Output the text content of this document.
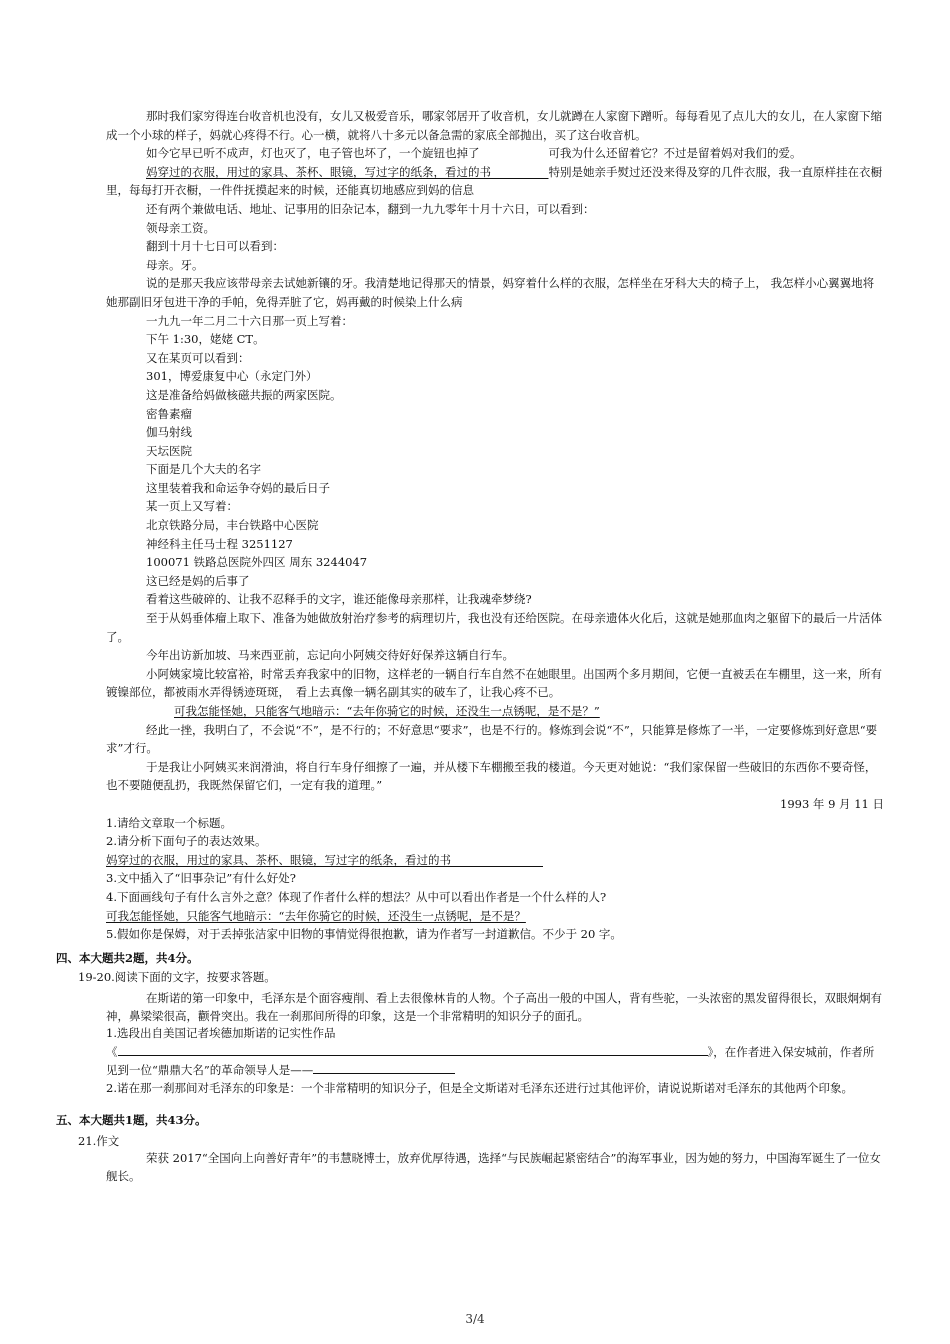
那时我们家穷得连台收音机也没有，女儿又极爱音乐，哪家邻居开了收音机，女儿就蹲在人家窗下蹭听。每每看见了点儿大的女儿，在人家窗下缩成一个小球的样子，妈就心疼得不行。心一横，就将八十多元以备急需的家底全部抛出，买了这台收音机。

如今它早已听不成声，灯也灭了，电子管也坏了，一个旋钮也掉了　　　　　　可我为什么还留着它？不过是留着妈对我们的爱。

妈穿过的衣服，用过的家具、茶杯、眼镜，写过字的纸条，看过的书　　　　　特别是她亲手熨过还没来得及穿的几件衣服，我一直原样挂在衣橱里，每每打开衣橱，一件件抚摸起来的时候，还能真切地感应到妈的信息

还有两个兼做电话、地址、记事用的旧杂记本，翻到一九九零年十月十六日，可以看到：

领母亲工资。

翻到十月十七日可以看到：

母亲。牙。

说的是那天我应该带母亲去试她新镶的牙。我清楚地记得那天的情景，妈穿着什么样的衣服，怎样坐在牙科大夫的椅子上， 我怎样小心翼翼地将她那副旧牙包进干净的手帕，免得弄脏了它，妈再戴的时候染上什么病

一九九一年二月二十六日那一页上写着：

下午 1:30，姥姥 CT。

又在某页可以看到：

301，博爱康复中心（永定门外）

这是准备给妈做核磁共振的两家医院。

密鲁素瘤

伽马射线

天坛医院

下面是几个大夫的名字

这里装着我和命运争夺妈的最后日子

某一页上又写着：

北京铁路分局，丰台铁路中心医院

神经科主任马士程 3251127

100071 铁路总医院外四区 周东 3244047

这已经是妈的后事了

看着这些破碎的、让我不忍释手的文字，谁还能像母亲那样，让我魂牵梦绕?

至于从妈垂体瘤上取下、准备为她做放射治疗参考的病理切片，我也没有还给医院。在母亲遗体火化后，这就是她那血肉之躯留下的最后一片活体了。

今年出访新加坡、马来西亚前，忘记向小阿姨交待好好保养这辆自行车。

小阿姨家境比较富裕，时常丢弃我家中的旧物，这样老的一辆自行车自然不在她眼里。出国两个多月期间，它便一直被丢在车棚里，这一来，所有镀镍部位，都被雨水弄得锈迹斑斑，　看上去真像一辆名副其实的破车了，让我心疼不已。

可我怎能怪她，只能客气地暗示：“去年你骑它的时候，还没生一点锈呢，是不是？”

经此一挫，我明白了，不会说“不”，是不行的；不好意思“要求”，也是不行的。修炼到会说“不”，只能算是修炼了一半，一定要修炼到好意思“要求”才行。

于是我让小阿姨买来润滑油，将自行车身仔细擦了一遍，并从楼下车棚搬至我的楼道。今天更对她说：“我们家保留一些破旧的东西你不要奇怪，也不要随便乱扔，我既然保留它们，一定有我的道理。”

1993 年 9 月 11 日

1.请给文章取一个标题。

2.请分析下面句子的表达效果。

妈穿过的衣服，用过的家具、茶杯、眼镜，写过字的纸条，看过的书　　　　　　　　

3.文中插入了“旧事杂记”有什么好处?

4.下面画线句子有什么言外之意？体现了作者什么样的想法？从中可以看出作者是一个什么样的人?

可我怎能怪她，只能客气地暗示：“去年你骑它的时候，还没生一点锈呢，是不是？

5.假如你是保姆，对于丢掉张洁家中旧物的事情觉得很抱歉，请为作者写一封道歉信。不少于 20 字。

四、本大题共2题，共4分。
19-20.阅读下面的文字，按要求答题。

在斯诺的第一印象中，毛泽东是个面容瘦削、看上去很像林肯的人物。个子高出一般的中国人，背有些驼，一头浓密的黑发留得很长，双眼炯炯有神，鼻梁梁很高，颧骨突出。我在一刹那间所得的印象，这是一个非常精明的知识分子的面孔。

1.选段出自美国记者埃德加斯诺的记实性作品

《	》，在作者进入保安城前，作者所见到一位“鼎鼎大名”的革命领导人是——

2.诺在那一刹那间对毛泽东的印象是：一个非常精明的知识分子，但是全文斯诺对毛泽东还进行过其他评价，请说说斯诺对毛泽东的其他两个印象。

五、本大题共1题，共43分。
21.作文

荣获 2017“全国向上向善好青年”的韦慧晓博士，放弃优厚待遇，选择“与民族崛起紧密结合”的海军事业，因为她的努力，中国海军诞生了一位女舰长。

3/4
